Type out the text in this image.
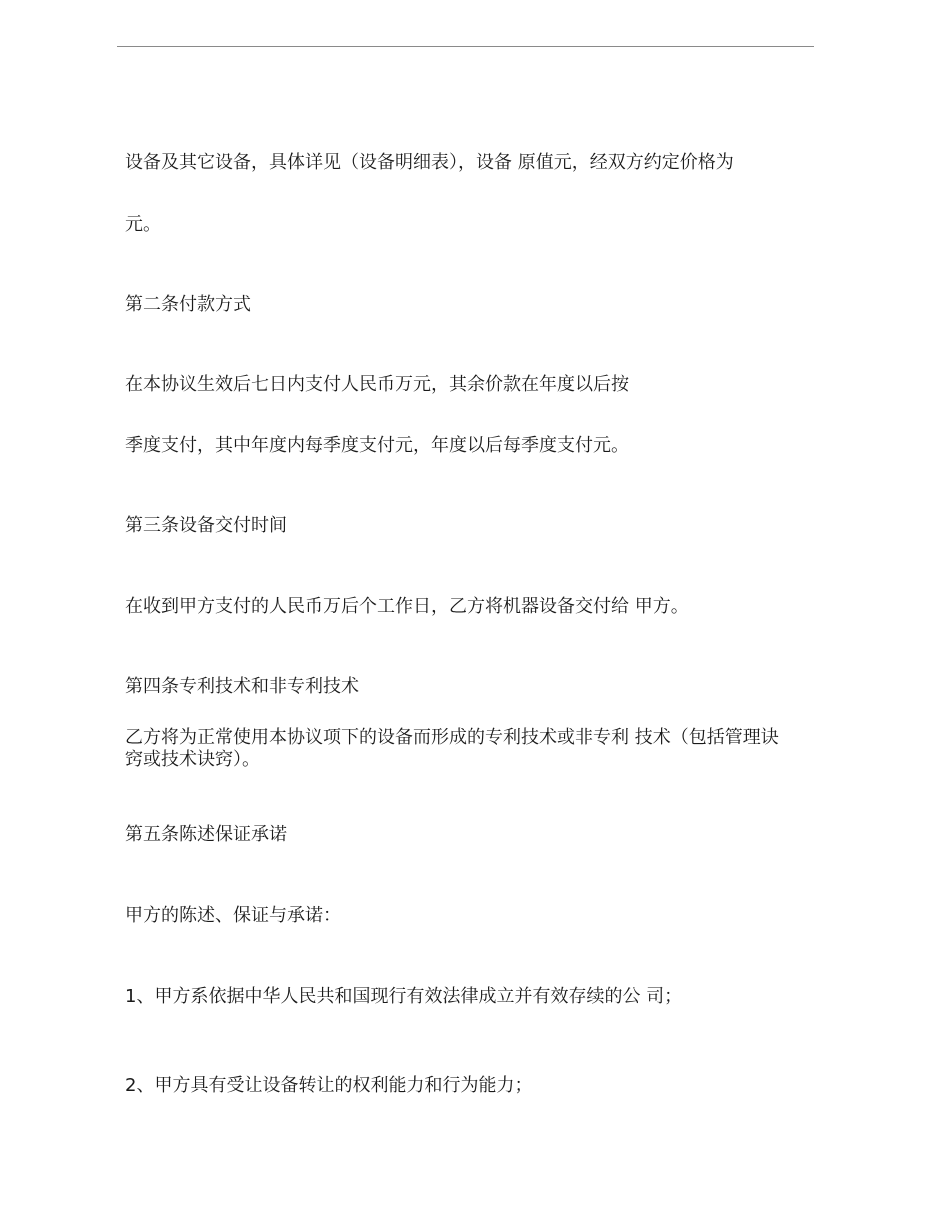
设备及其它设备，具体详见（设备明细表），设备 原值元，经双方约定价格为
元。
第二条付款方式
在本协议生效后七日内支付人民币万元，其余价款在年度以后按
季度支付，其中年度内每季度支付元，年度以后每季度支付元。
第三条设备交付时间
在收到甲方支付的人民币万后个工作日，乙方将机器设备交付给 甲方。
第四条专利技术和非专利技术
乙方将为正常使用本协议项下的设备而形成的专利技术或非专利 技术（包括管理诀窍或技术诀窍）。
第五条陈述保证承诺
甲方的陈述、保证与承诺：
1、甲方系依据中华人民共和国现行有效法律成立并有效存续的公 司；
2、甲方具有受让设备转让的权利能力和行为能力；
